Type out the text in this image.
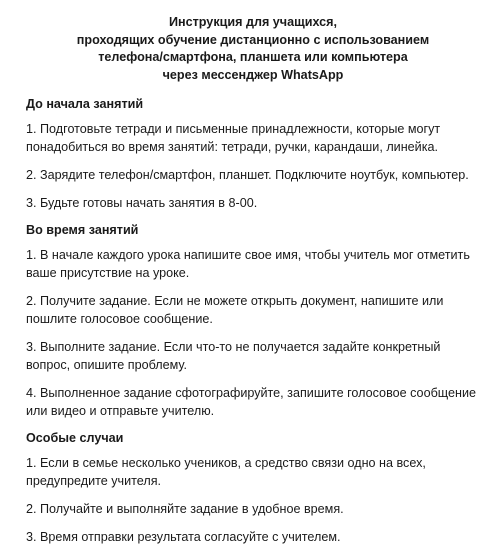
Инструкция для учащихся,
проходящих обучение дистанционно с использованием
телефона/смартфона, планшета или компьютера
через мессенджер WhatsApp
До начала занятий
1. Подготовьте тетради и письменные принадлежности, которые могут понадобиться во время занятий: тетради, ручки, карандаши, линейка.
2. Зарядите телефон/смартфон, планшет. Подключите ноутбук, компьютер.
3. Будьте готовы начать занятия в 8-00.
Во время занятий
1. В начале каждого урока напишите свое имя, чтобы учитель мог отметить ваше присутствие на уроке.
2. Получите задание. Если не можете открыть документ, напишите или пошлите голосовое сообщение.
3. Выполните задание. Если что-то не получается задайте конкретный вопрос, опишите проблему.
4. Выполненное задание сфотографируйте, запишите голосовое сообщение или видео и отправьте учителю.
Особые случаи
1. Если в семье несколько учеников, а средство связи одно на всех, предупредите учителя.
2. Получайте и выполняйте задание в удобное время.
3. Время отправки результата согласуйте с учителем.
